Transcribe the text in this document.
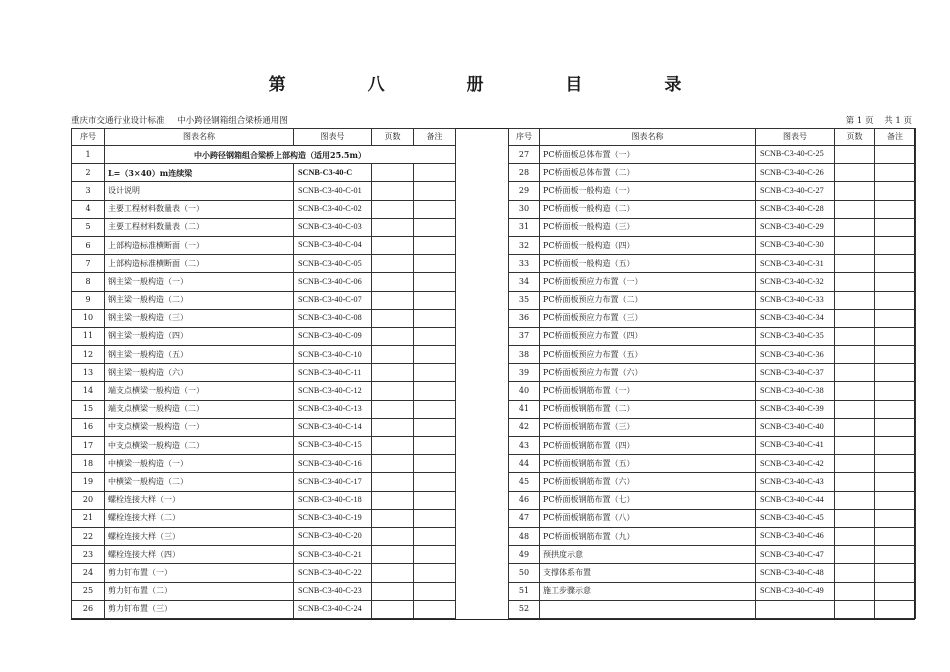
第 八 册 目 录
重庆市交通行业设计标准 中小跨径钢箱组合梁桥通用图	第 1 页 共 1 页
序号	图表名称	图表号	页数	备注
1	中小跨径钢箱组合梁桥上部构造（适用25.5m）			
2	L=（3×40）m连续梁	SCNB-C3-40-C		
3	设计说明	SCNB-C3-40-C-01		
4	主要工程材料数量表（一）	SCNB-C3-40-C-02		
5	主要工程材料数量表（二）	SCNB-C3-40-C-03		
6	上部构造标准横断面（一）	SCNB-C3-40-C-04		
7	上部构造标准横断面（二）	SCNB-C3-40-C-05		
8	钢主梁一般构造（一）	SCNB-C3-40-C-06		
9	钢主梁一般构造（二）	SCNB-C3-40-C-07		
10	钢主梁一般构造（三）	SCNB-C3-40-C-08		
11	钢主梁一般构造（四）	SCNB-C3-40-C-09		
12	钢主梁一般构造（五）	SCNB-C3-40-C-10		
13	钢主梁一般构造（六）	SCNB-C3-40-C-11		
14	端支点横梁一般构造（一）	SCNB-C3-40-C-12		
15	端支点横梁一般构造（二）	SCNB-C3-40-C-13		
16	中支点横梁一般构造（一）	SCNB-C3-40-C-14		
17	中支点横梁一般构造（二）	SCNB-C3-40-C-15		
18	中横梁一般构造（一）	SCNB-C3-40-C-16		
19	中横梁一般构造（二）	SCNB-C3-40-C-17		
20	螺栓连接大样（一）	SCNB-C3-40-C-18		
21	螺栓连接大样（二）	SCNB-C3-40-C-19		
22	螺栓连接大样（三）	SCNB-C3-40-C-20		
23	螺栓连接大样（四）	SCNB-C3-40-C-21		
24	剪力钉布置（一）	SCNB-C3-40-C-22		
25	剪力钉布置（二）	SCNB-C3-40-C-23		
26	剪力钉布置（三）	SCNB-C3-40-C-24		
序号	图表名称	图表号	页数	备注
27	PC桥面板总体布置（一）	SCNB-C3-40-C-25		
28	PC桥面板总体布置（二）	SCNB-C3-40-C-26		
29	PC桥面板一般构造（一）	SCNB-C3-40-C-27		
30	PC桥面板一般构造（二）	SCNB-C3-40-C-28		
31	PC桥面板一般构造（三）	SCNB-C3-40-C-29		
32	PC桥面板一般构造（四）	SCNB-C3-40-C-30		
33	PC桥面板一般构造（五）	SCNB-C3-40-C-31		
34	PC桥面板预应力布置（一）	SCNB-C3-40-C-32		
35	PC桥面板预应力布置（二）	SCNB-C3-40-C-33		
36	PC桥面板预应力布置（三）	SCNB-C3-40-C-34		
37	PC桥面板预应力布置（四）	SCNB-C3-40-C-35		
38	PC桥面板预应力布置（五）	SCNB-C3-40-C-36		
39	PC桥面板预应力布置（六）	SCNB-C3-40-C-37		
40	PC桥面板钢筋布置（一）	SCNB-C3-40-C-38		
41	PC桥面板钢筋布置（二）	SCNB-C3-40-C-39		
42	PC桥面板钢筋布置（三）	SCNB-C3-40-C-40		
43	PC桥面板钢筋布置（四）	SCNB-C3-40-C-41		
44	PC桥面板钢筋布置（五）	SCNB-C3-40-C-42		
45	PC桥面板钢筋布置（六）	SCNB-C3-40-C-43		
46	PC桥面板钢筋布置（七）	SCNB-C3-40-C-44		
47	PC桥面板钢筋布置（八）	SCNB-C3-40-C-45		
48	PC桥面板钢筋布置（九）	SCNB-C3-40-C-46		
49	预拱度示意	SCNB-C3-40-C-47		
50	支撑体系布置	SCNB-C3-40-C-48		
51	施工步骤示意	SCNB-C3-40-C-49		
52				
